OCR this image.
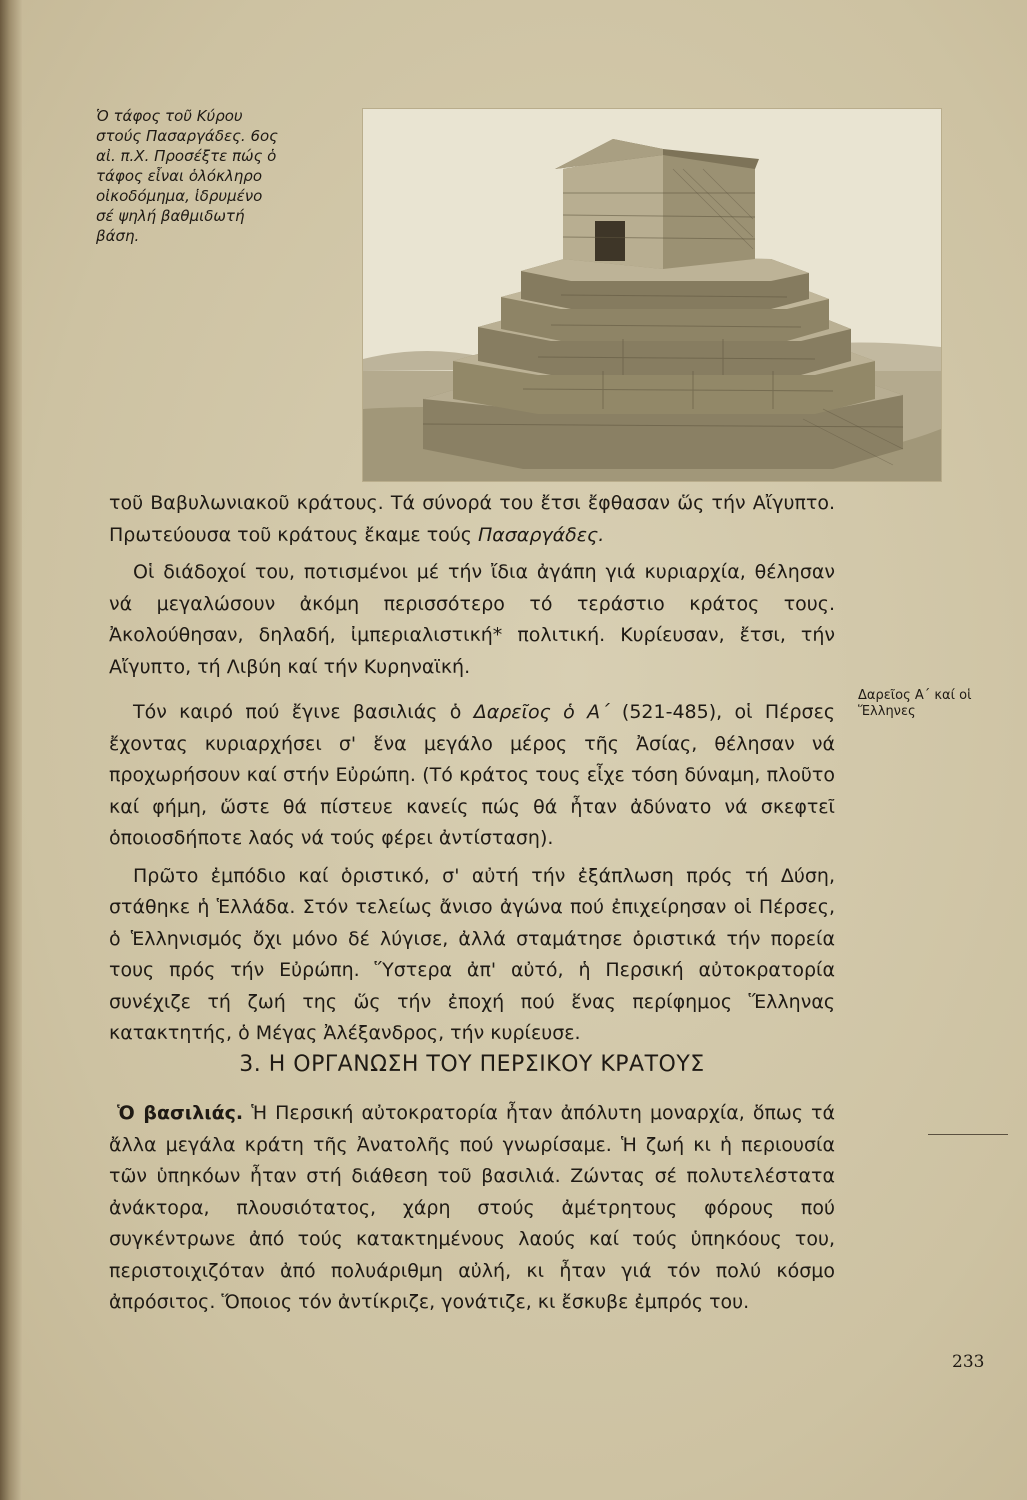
Ὁ τάφος τοῦ Κύρου

στούς Πασαργάδες. 6ος

αἰ. π.Χ. Προσέξτε πώς ὁ

τάφος εἶναι ὁλόκληρο

οἰκοδόμημα, ἱδρυμένο

σέ ψηλή βαθμιδωτή

βάση.

τοῦ Βαβυλωνιακοῦ κράτους. Τά σύνορά του ἔτσι ἔφθασαν ὥς τήν Αἴγυπτο. Πρωτεύουσα τοῦ κράτους ἔκαμε τούς Πασαργάδες.

Οἱ διάδοχοί του, ποτισμένοι μέ τήν ἴδια ἀγάπη γιά κυριαρχία, θέλησαν νά μεγαλώσουν ἀκόμη περισσότερο τό τεράστιο κράτος τους. Ἀκολούθησαν, δηλαδή, ἰμπεριαλιστική* πολιτική. Κυρίευσαν, ἔτσι, τήν Αἴγυπτο, τή Λιβύη καί τήν Κυρηναϊκή.

Τόν καιρό πού ἔγινε βασιλιάς ὁ Δαρεῖος ὁ Α΄ (521-485), οἱ Πέρσες ἔχοντας κυριαρχήσει σ' ἕνα μεγάλο μέρος τῆς Ἀσίας, θέλησαν νά προχωρήσουν καί στήν Εὐρώπη. (Τό κράτος τους εἶχε τόση δύναμη, πλοῦτο καί φήμη, ὥστε θά πίστευε κανείς πώς θά ἦταν ἀδύνατο νά σκεφτεῖ ὁποιοσδήποτε λαός νά τούς φέρει ἀντίσταση).

Πρῶτο ἐμπόδιο καί ὁριστικό, σ' αὐτή τήν ἐξάπλωση πρός τή Δύση, στάθηκε ἡ Ἑλλάδα. Στόν τελείως ἄνισο ἀγώνα πού ἐπιχείρησαν οἱ Πέρσες, ὁ Ἑλληνισμός ὄχι μόνο δέ λύγισε, ἀλλά σταμάτησε ὁριστικά τήν πορεία τους πρός τήν Εὐρώπη. Ὕστερα ἀπ' αὐτό, ἡ Περσική αὐτοκρατορία συνέχιζε τή ζωή της ὥς τήν ἐποχή πού ἕνας περίφημος Ἕλληνας κατακτητής, ὁ Μέγας Ἀλέξανδρος, τήν κυρίευσε.

Δαρεῖος Α΄ καί οἱ
Ἕλληνες
3. Η ΟΡΓΑΝΩΣΗ ΤΟΥ ΠΕΡΣΙΚΟΥ ΚΡΑΤΟΥΣ

Ὁ βασιλιάς. Ἡ Περσική αὐτοκρατορία ἦταν ἀπόλυτη μοναρχία, ὅπως τά ἄλλα μεγάλα κράτη τῆς Ἀνατολῆς πού γνωρίσαμε. Ἡ ζωή κι ἡ περιουσία τῶν ὑπηκόων ἦταν στή διάθεση τοῦ βασιλιά. Ζώντας σέ πολυτελέστατα ἀνάκτορα, πλουσιότατος, χάρη στούς ἀμέτρητους φόρους πού συγκέντρωνε ἀπό τούς κατακτημένους λαούς καί τούς ὑπηκόους του, περιστοιχιζόταν ἀπό πολυάριθμη αὐλή, κι ἦταν γιά τόν πολύ κόσμο ἀπρόσιτος. Ὅποιος τόν ἀντίκριζε, γονάτιζε, κι ἔσκυβε ἐμπρός του.

233
